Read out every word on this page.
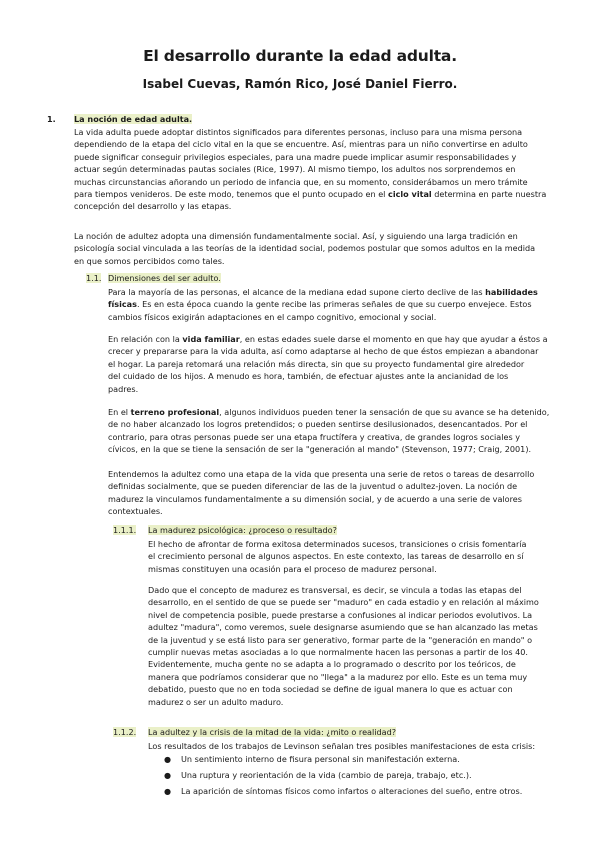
El desarrollo durante la edad adulta.
Isabel Cuevas, Ramón Rico, José Daniel Fierro.
1. La noción de edad adulta.

La vida adulta puede adoptar distintos significados para diferentes personas, incluso para una misma persona

dependiendo de la etapa del ciclo vital en la que se encuentre. Así, mientras para un niño convertirse en adulto

puede significar conseguir privilegios especiales, para una madre puede implicar asumir responsabilidades y

actuar según determinadas pautas sociales (Rice, 1997). Al mismo tiempo, los adultos nos sorprendemos en

muchas circunstancias añorando un periodo de infancia que, en su momento, considerábamos un mero trámite

para tiempos venideros. De este modo, tenemos que el punto ocupado en el ciclo vital determina en parte nuestra

concepción del desarrollo y las etapas.

La noción de adultez adopta una dimensión fundamentalmente social. Así, y siguiendo una larga tradición en

psicología social vinculada a las teorías de la identidad social, podemos postular que somos adultos en la medida

en que somos percibidos como tales.

1.1. Dimensiones del ser adulto.

Para la mayoría de las personas, el alcance de la mediana edad supone cierto declive de las habilidades

físicas. Es en esta época cuando la gente recibe las primeras señales de que su cuerpo envejece. Estos

cambios físicos exigirán adaptaciones en el campo cognitivo, emocional y social.

En relación con la vida familiar, en estas edades suele darse el momento en que hay que ayudar a éstos a

crecer y prepararse para la vida adulta, así como adaptarse al hecho de que éstos empiezan a abandonar

el hogar. La pareja retomará una relación más directa, sin que su proyecto fundamental gire alrededor

del cuidado de los hijos. A menudo es hora, también, de efectuar ajustes ante la ancianidad de los

padres.

En el terreno profesional, algunos individuos pueden tener la sensación de que su avance se ha detenido,

de no haber alcanzado los logros pretendidos; o pueden sentirse desilusionados, desencantados. Por el

contrario, para otras personas puede ser una etapa fructífera y creativa, de grandes logros sociales y

cívicos, en la que se tiene la sensación de ser la "generación al mando" (Stevenson, 1977; Craig, 2001).

Entendemos la adultez como una etapa de la vida que presenta una serie de retos o tareas de desarrollo

definidas socialmente, que se pueden diferenciar de las de la juventud o adultez-joven. La noción de

madurez la vinculamos fundamentalmente a su dimensión social, y de acuerdo a una serie de valores

contextuales.

1.1.1. La madurez psicológica: ¿proceso o resultado?

El hecho de afrontar de forma exitosa determinados sucesos, transiciones o crisis fomentaría

el crecimiento personal de algunos aspectos. En este contexto, las tareas de desarrollo en sí

mismas constituyen una ocasión para el proceso de madurez personal.

Dado que el concepto de madurez es transversal, es decir, se vincula a todas las etapas del

desarrollo, en el sentido de que se puede ser "maduro" en cada estadio y en relación al máximo

nivel de competencia posible, puede prestarse a confusiones al indicar periodos evolutivos. La

adultez "madura", como veremos, suele designarse asumiendo que se han alcanzado las metas

de la juventud y se está listo para ser generativo, formar parte de la "generación en mando" o

cumplir nuevas metas asociadas a lo que normalmente hacen las personas a partir de los 40.

Evidentemente, mucha gente no se adapta a lo programado o descrito por los teóricos, de

manera que podríamos considerar que no "llega" a la madurez por ello. Este es un tema muy

debatido, puesto que no en toda sociedad se define de igual manera lo que es actuar con

madurez o ser un adulto maduro.

1.1.2. La adultez y la crisis de la mitad de la vida: ¿mito o realidad?

Los resultados de los trabajos de Levinson señalan tres posibles manifestaciones de esta crisis:

● Un sentimiento interno de fisura personal sin manifestación externa.
● Una ruptura y reorientación de la vida (cambio de pareja, trabajo, etc.).
● La aparición de síntomas físicos como infartos o alteraciones del sueño, entre otros.
